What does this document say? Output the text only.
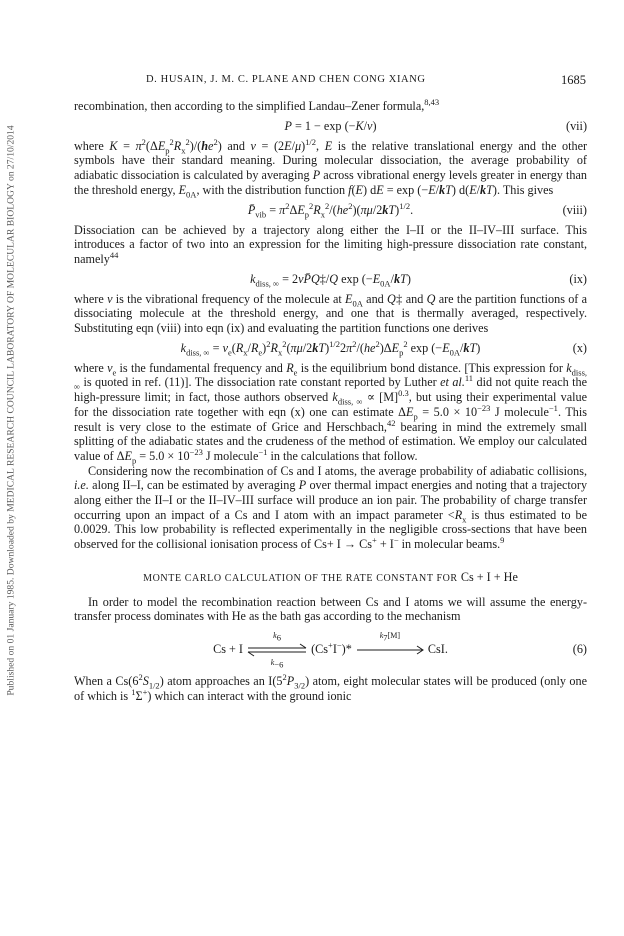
Published on 01 January 1985. Downloaded by MEDICAL RESEARCH COUNCIL LABORATORY OF MOLECULAR BIOLOGY on 27/10/2014
D. HUSAIN, J. M. C. PLANE AND CHEN CONG XIANG	1685

recombination, then according to the simplified Landau–Zener formula,$^{8,43}$

P = 1 − exp (−K/v)	(vii)

where $K = \pi^2(\Delta E_p^2R_x^2)/(he^2)$ and $v = (2E/\mu)^{1/2}$, E is the relative translational energy and the other symbols have their standard meaning. During molecular dissociation, the average probability of adiabatic dissociation is calculated by averaging P across vibrational energy levels greater in energy than the threshold energy, $E_{0A}$, with the distribution function f(E) dE = exp (−E/kT) d(E/kT). This gives

$P̄_{vib} = \pi^2\Delta E_p^2R_x^2/(he^2)(\pi\mu/2kT)^{1/2}$.	(viii)

Dissociation can be achieved by a trajectory along either the I–II or the II–IV–III surface. This introduces a factor of two into an expression for the limiting high-pressure dissociation rate constant, namely$^{44}$

$k_{diss, \infty}$ = 2νP̄Q‡/Q $\exp (-E_{0A}/kT)$	(ix)

where ν is the vibrational frequency of the molecule at $E_{0A}$ and Q‡ and Q are the partition functions of a dissociating molecule at the threshold energy, and one that is thermally averaged, respectively. Substituting eqn (viii) into eqn (ix) and evaluating the partition functions one derives

$k_{diss, \infty} = \nu_e(R_x/R_e)^2R_x^2(\pi\mu/2kT)^{1/2}2\pi^2/(he^2)\Delta E_p^2$ $\exp (-E_{0A}/kT)$	(x)

where $\nu_e$ is the fundamental frequency and $R_e$ is the equilibrium bond distance. [This expression for $k_{diss, \infty}$ is quoted in ref. (11)]. The dissociation rate constant reported by Luther et al.$^{11}$ did not quite reach the high-pressure limit; in fact, those authors observed $k_{diss, \infty} \propto [M]^{0.3}$, but using their experimental value for the dissociation rate together with eqn (x) one can estimate $\Delta E_p = 5.0 \times 10^{-23}$ J molecule$^{-1}$. This result is very close to the estimate of Grice and Herschbach,$^{42}$ bearing in mind the extremely small splitting of the adiabatic states and the crudeness of the method of estimation. We employ our calculated value of $\Delta E_p = 5.0 \times 10^{-23}$ J molecule$^{-1}$ in the calculations that follow.

Considering now the recombination of Cs and I atoms, the average probability of adiabatic collisions, i.e. along II–I, can be estimated by averaging P over thermal impact energies and noting that a trajectory along either the II–I or the II–IV–III surface will produce an ion pair. The probability of charge transfer occurring upon an impact of a Cs and I atom with an impact parameter $<R_x$ is thus estimated to be 0.0029. This low probability is reflected experimentally in the negligible cross-sections that have been observed for the collisional ionisation process of Cs+ I → Cs+ + I− in molecular beams.$^9$

MONTE CARLO CALCULATION OF THE RATE CONSTANT FOR Cs + I + He

In order to model the recombination reaction between Cs and I atoms we will assume the energy-transfer process dominates with He as the bath gas according to the mechanism

Cs + I
$k_6$
$k_{-6}$
(Cs+I−)*
$k_7[M]$
CsI.	(6)

When a $Cs(6^2S_{1/2})$ atom approaches an $I(5^2P_{3/2})$ atom, eight molecular states will be produced (only one of which is $^1$Σ+) which can interact with the ground ionic
